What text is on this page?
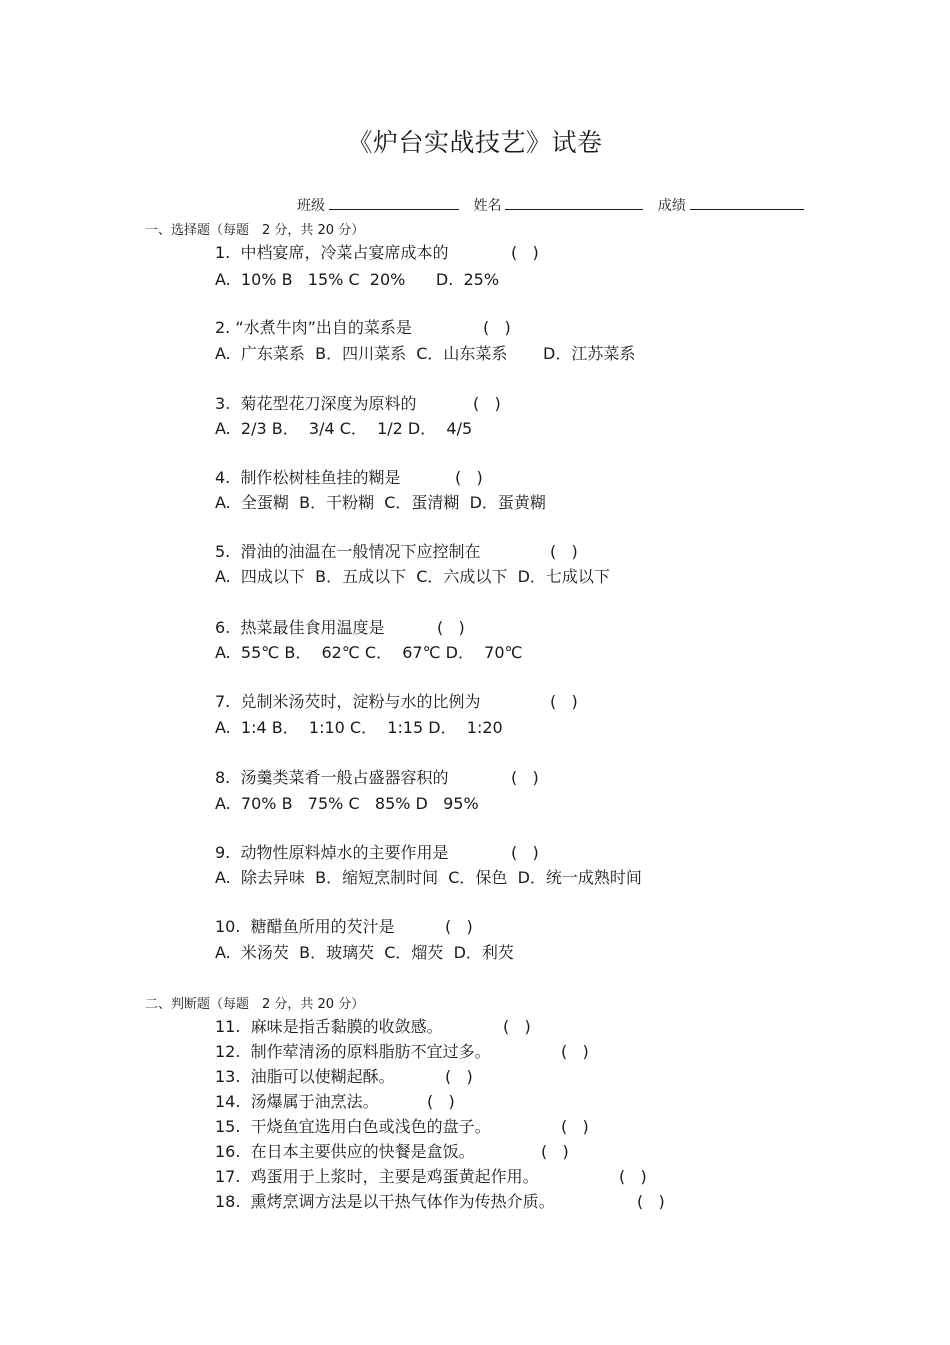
《炉台实战技艺》试卷
班级	姓名	成绩
一、选择题（每题　2 分，共 20 分）
1.  中档宴席，冷菜占宴席成本的	(   )
A.  10% B   15% C  20%      D.  25%
2. “水煮牛肉”出自的菜系是	(   )
A.  广东菜系  B．四川菜系  C．山东菜系       D．江苏菜系
3.  菊花型花刀深度为原料的	(   )
A.  2/3 B．  3/4 C．  1/2 D．  4/5
4.  制作松树桂鱼挂的糊是	(   )
A.  全蛋糊  B．干粉糊  C．蛋清糊  D．蛋黄糊
5.  滑油的油温在一般情况下应控制在	(   )
A.  四成以下  B．五成以下  C．六成以下  D．七成以下
6.  热菜最佳食用温度是	(   )
A.  55℃ B．  62℃ C．  67℃ D．  70℃
7.  兑制米汤芡时，淀粉与水的比例为	(   )
A.  1:4 B．  1:10 C．  1:15 D．  1:20
8.  汤羹类菜肴一般占盛器容积的	(   )
A.  70% B   75% C   85% D   95%
9.  动物性原料焯水的主要作用是	(   )
A.  除去异味  B．缩短烹制时间  C．保色  D．统一成熟时间
10.  糖醋鱼所用的芡汁是	(   )
A.  米汤芡  B．玻璃芡  C．熘芡  D．利芡
二、判断题（每题　2 分，共 20 分）
11.  麻味是指舌黏膜的收敛感。	(   )
12.  制作荤清汤的原料脂肪不宜过多。	(   )
13.  油脂可以使糊起酥。	(   )
14.  汤爆属于油烹法。	(   )
15.  干烧鱼宜选用白色或浅色的盘子。	(   )
16.  在日本主要供应的快餐是盒饭。	(   )
17.  鸡蛋用于上浆时，主要是鸡蛋黄起作用。	(   )
18.  熏烤烹调方法是以干热气体作为传热介质。	(   )
